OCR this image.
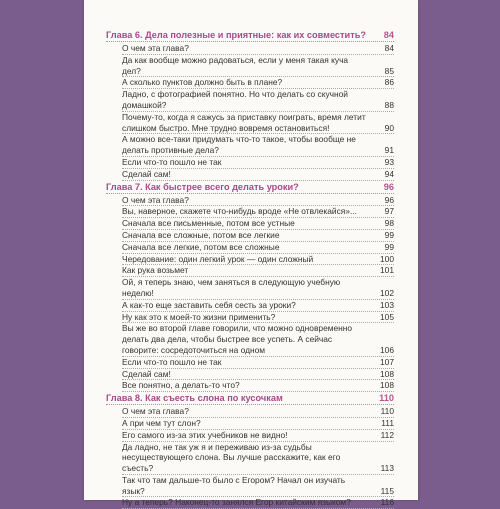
Глава 6. Дела полезные и приятные: как их совместить? 84
О чем эта глава?	84
Да как вообще можно радоваться, если у меня такая куча дел?	85
А сколько пунктов должно быть в плане?	86
Ладно, с фотографией понятно. Но что делать со скучной домашкой?	88
Почему-то, когда я сажусь за приставку поиграть, время летит слишком быстро. Мне трудно вовремя остановиться!	90
А можно все-таки придумать что-то такое, чтобы вообще не делать противные дела?	91
Если что-то пошло не так	93
Сделай сам!	94
Глава 7. Как быстрее всего делать уроки?	96
О чем эта глава?	96
Вы, наверное, скажете что-нибудь вроде «Не отвлекайся»...	97
Сначала все письменные, потом все устные	98
Сначала все сложные, потом все легкие	99
Сначала все легкие, потом все сложные	99
Чередование: один легкий урок — один сложный	100
Как рука возьмет	101
Ой, я теперь знаю, чем заняться в следующую учебную неделю!	102
А как-то еще заставить себя сесть за уроки?	103
Ну как это к моей-то жизни применить?	105
Вы же во второй главе говорили, что можно одновременно делать два дела, чтобы быстрее все успеть. А сейчас говорите: сосредоточиться на одном	106
Если что-то пошло не так	107
Сделай сам!	108
Все понятно, а делать-то что?	108
Глава 8. Как съесть слона по кусочкам	110
О чем эта глава?	110
А при чем тут слон?	111
Его самого из-за этих учебников не видно!	112
Да ладно, не так уж я и переживаю из-за судьбы несуществующего слона. Вы лучше расскажите, как его съесть?	113
Так что там дальше-то было с Егором? Начал он изучать язык?	115
Ну а теперь? Наконец-то занялся Егор китайским языком?	116
